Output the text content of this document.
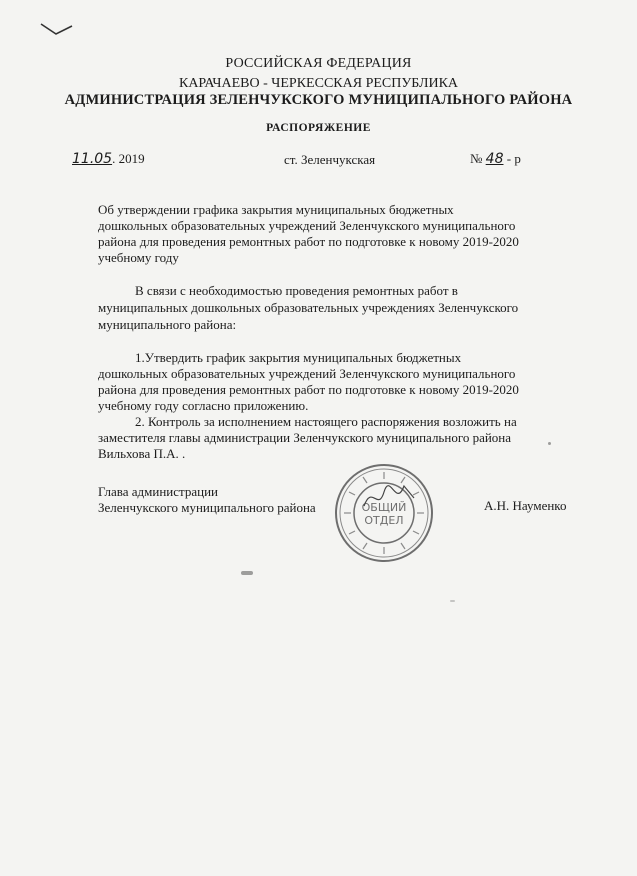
РОССИЙСКАЯ ФЕДЕРАЦИЯ
КАРАЧАЕВО - ЧЕРКЕССКАЯ РЕСПУБЛИКА
АДМИНИСТРАЦИЯ ЗЕЛЕНЧУКСКОГО МУНИЦИПАЛЬНОГО РАЙОНА
РАСПОРЯЖЕНИЕ
11.05. 2019	ст. Зеленчукская	№ 48 - р
Об утверждении графика закрытия муниципальных бюджетных
дошкольных образовательных учреждений Зеленчукского муниципального
района для проведения ремонтных работ по подготовке к новому 2019-2020
учебному году
В связи с необходимостью проведения ремонтных работ в
муниципальных дошкольных образовательных учреждениях Зеленчукского
муниципального района:
1.Утвердить график закрытия муниципальных бюджетных
дошкольных образовательных учреждений Зеленчукского муниципального
района для проведения ремонтных работ по подготовке к новому 2019-2020
учебному году согласно приложению.
2. Контроль за исполнением настоящего распоряжения возложить на
заместителя главы администрации Зеленчукского муниципального района
Вильхова П.А. .
Глава администрации
Зеленчукского муниципального района	А.Н. Науменко
ОБЩИЙ
ОТДЕЛ
